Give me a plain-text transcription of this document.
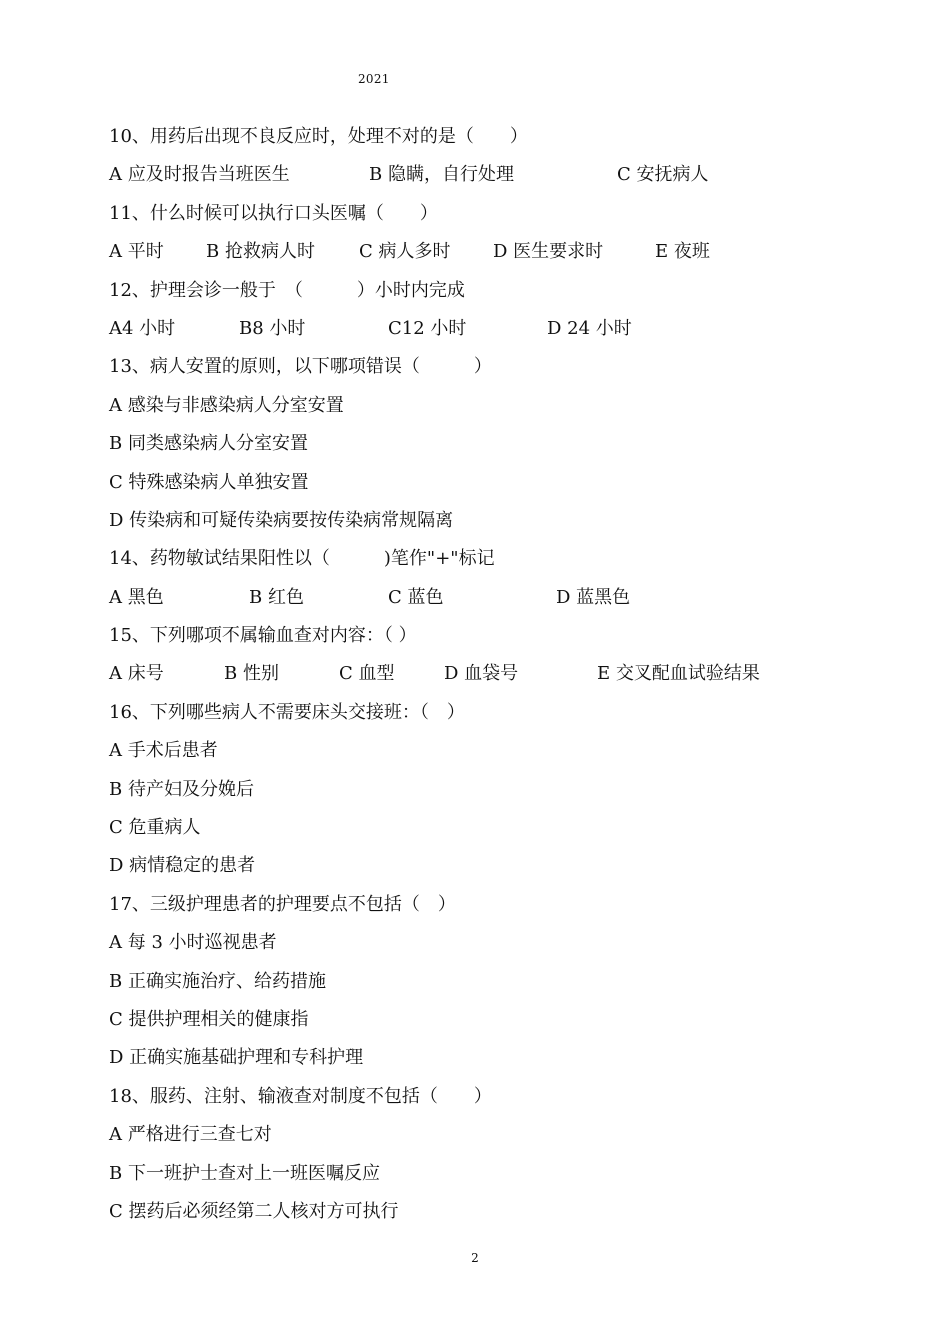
2021
10、用药后出现不良反应时，处理不对的是（　　）
A 应及时报告当班医生	B 隐瞒，自行处理	C 安抚病人
11、什么时候可以执行口头医嘱（　　）
A 平时 B 抢救病人时 C 病人多时 D 医生要求时	E 夜班
12、护理会诊一般于　（　　　）小时内完成
A4 小时	B8 小时	C12 小时	D 24 小时
13、病人安置的原则，以下哪项错误（　　　）
A 感染与非感染病人分室安置
B 同类感染病人分室安置
C 特殊感染病人单独安置
D 传染病和可疑传染病要按传染病常规隔离
14、药物敏试结果阳性以（　　　)笔作"+"标记
A 黑色	B 红色	C 蓝色	D 蓝黑色
15、下列哪项不属输血查对内容：（ ）
A 床号	B 性别	C 血型	D 血袋号	E 交叉配血试验结果
16、下列哪些病人不需要床头交接班：（　）
A 手术后患者
B 待产妇及分娩后
C 危重病人
D 病情稳定的患者
17、三级护理患者的护理要点不包括（　）
A 每 3 小时巡视患者
B 正确实施治疗、给药措施
C 提供护理相关的健康指
D 正确实施基础护理和专科护理
18、服药、注射、输液查对制度不包括（　　）
A 严格进行三查七对
B 下一班护士查对上一班医嘱反应
C 摆药后必须经第二人核对方可执行
2
